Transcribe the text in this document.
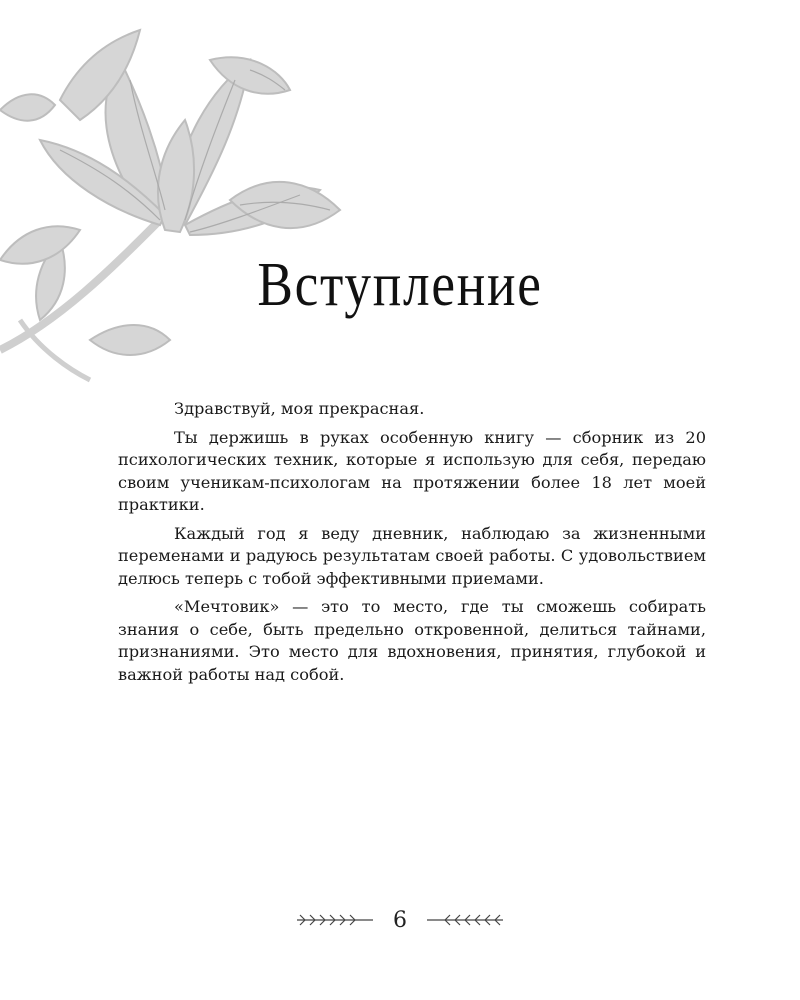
Вступление

Здравствуй, моя прекрасная.

Ты держишь в руках особенную книгу — сборник из 20 психологических техник, которые я использую для себя, передаю своим ученикам-психологам на протяжении более 18 лет моей практики.

Каждый год я веду дневник, наблюдаю за жизненными переменами и радуюсь результатам своей работы. С удовольствием делюсь теперь с тобой эффективными приемами.

«Мечтовик» — это то место, где ты сможешь собирать знания о себе, быть предельно откровенной, делиться тайнами, признаниями. Это место для вдохновения, принятия, глубокой и важной работы над собой.

6
